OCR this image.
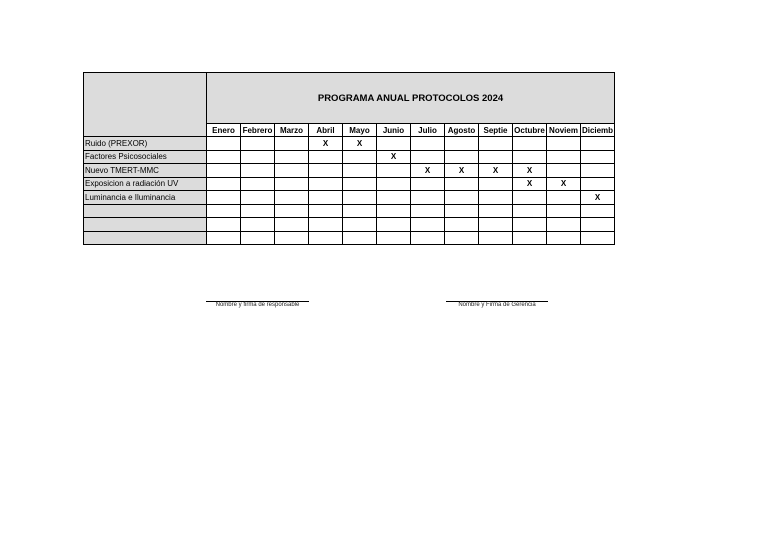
	PROGRAMA ANUAL PROTOCOLOS 2024											
	Enero	Febrero	Marzo	Abril	Mayo	Junio	Julio	Agosto	Septie	Octubre	Noviem	Diciemb
Ruido (PREXOR)				X	X							
Factores Psicosociales						X						
Nuevo TMERT-MMC							X	X	X	X		
Exposicion a radiación UV										X	X	
Luminancia e Iluminancia												X

Nombre y firma de responsable	Nombre y Firma de Gerencia
